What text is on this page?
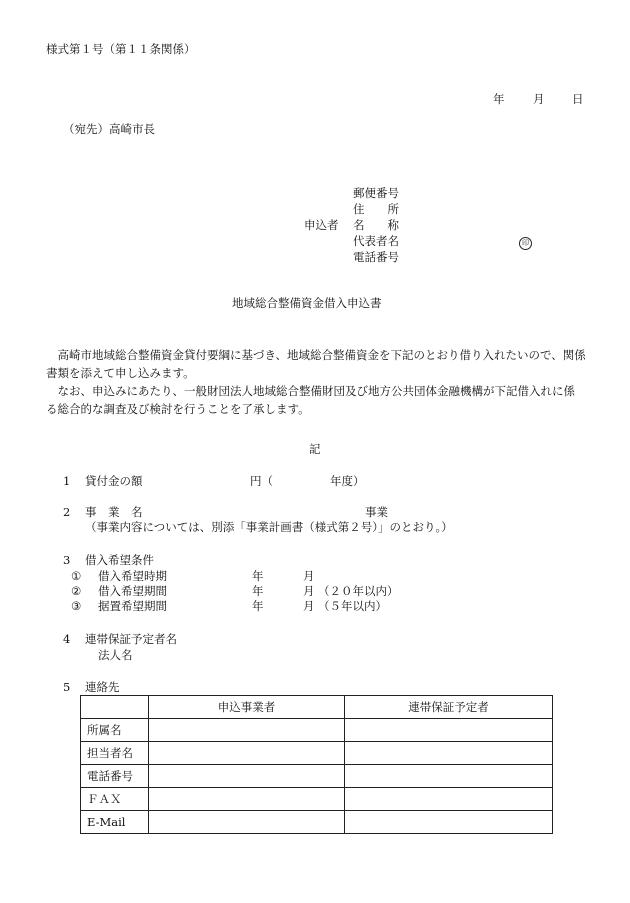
様式第１号（第１１条関係）
年 月 日
（宛先）高崎市長
申込者
郵便番号
住　　所
名　　称
代表者名
電話番号
印
地域総合整備資金借入申込書
高崎市地域総合整備資金貸付要綱に基づき、地域総合整備資金を下記のとおり借り入れたいので、関係書類を添えて申し込みます。
なお、申込みにあたり、一般財団法人地域総合整備財団及び地方公共団体金融機構が下記借入れに係る総合的な調査及び検討を行うことを了承します。
記
1 貸付金の額	円（	年度）
2 事　業　名	事業
（事業内容については、別添「事業計画書（様式第２号）」のとおり。）
3 借入希望条件
① 借入希望時期	年	月
② 借入希望期間	年	月 （２０年以内）
③ 据置希望期間	年	月 （５年以内）
4 連帯保証予定者名
法人名
5 連絡先
	申込事業者	連帯保証予定者
所属名		
担当者名		
電話番号		
ＦＡＸ		
E-Mail		
